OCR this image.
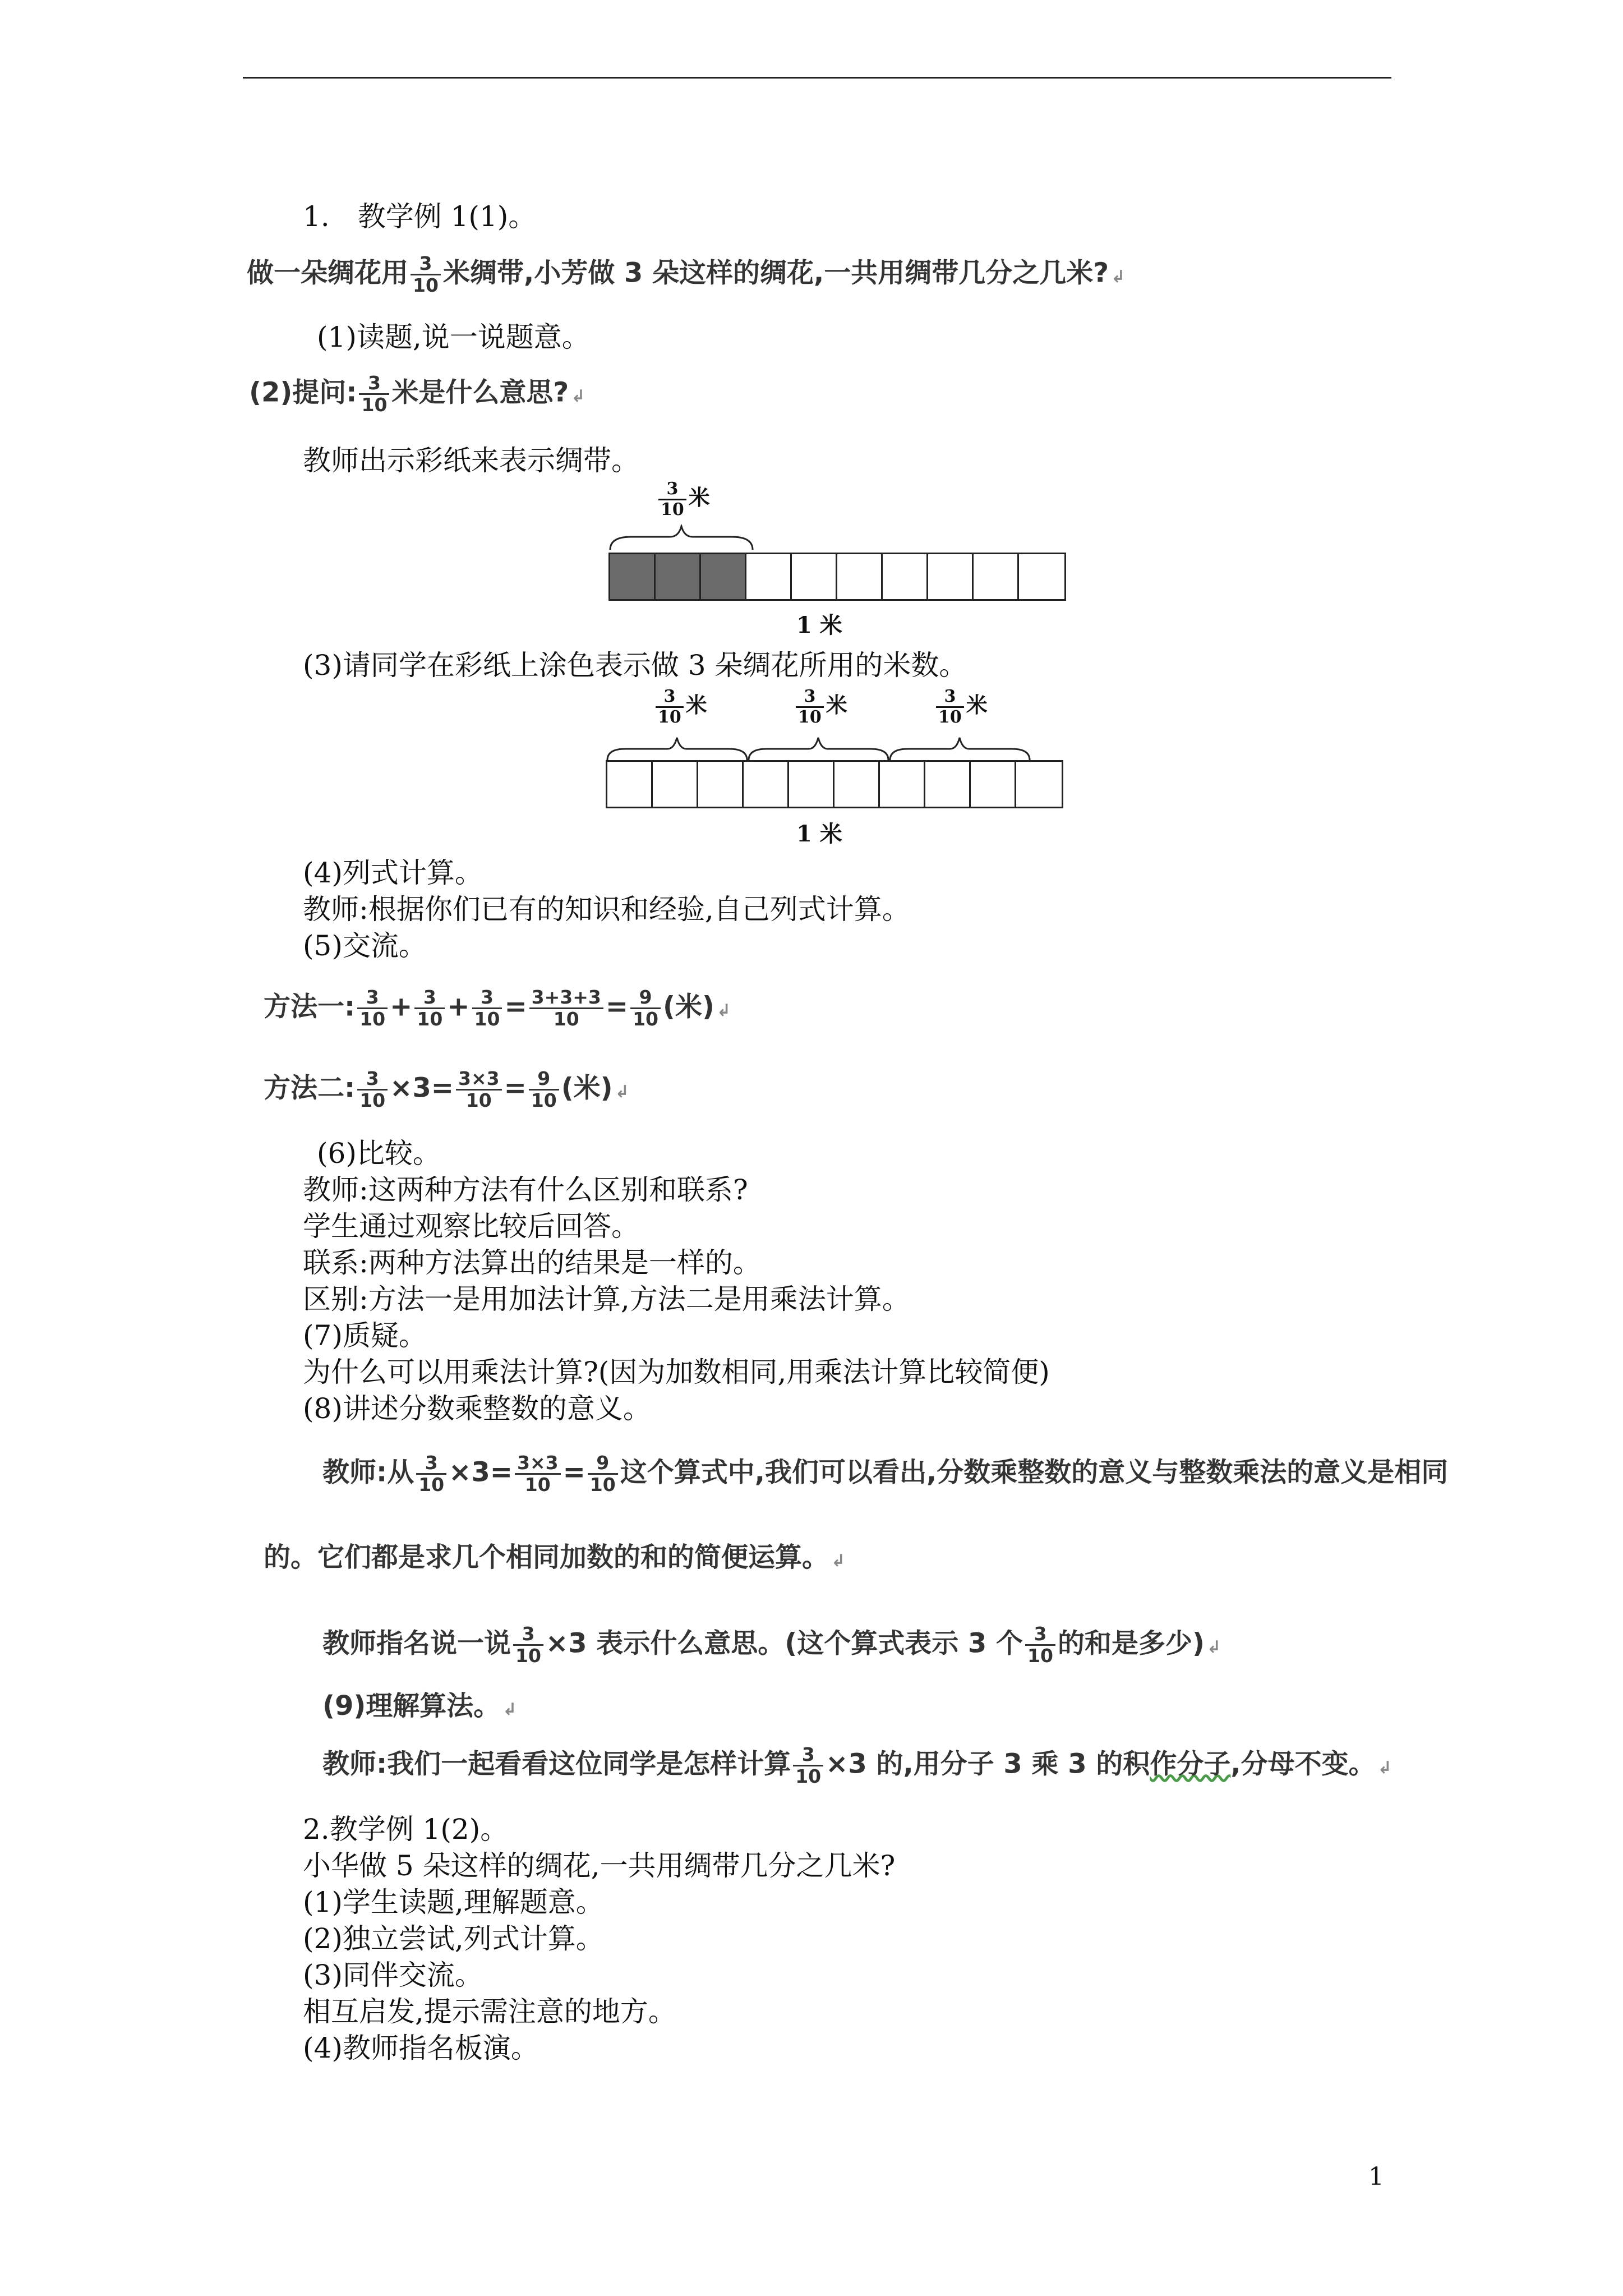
1.　教学例 1(1)。
做一朵绸花用 $\frac{3}{10}$ 米绸带,小芳做 3 朵这样的绸花,一共用绸带几分之几米? ↲
(1)读题,说一说题意。
(2)提问: $\frac{3}{10}$ 米是什么意思? ↲
教师出示彩纸来表示绸带。
$\frac{3}{10}$ 米
1 米
(3)请同学在彩纸上涂色表示做 3 朵绸花所用的米数。
$\frac{3}{10}$ 米	$\frac{3}{10}$ 米	$\frac{3}{10}$ 米
1 米
(4)列式计算。
教师:根据你们已有的知识和经验,自己列式计算。
(5)交流。
方法一: $\frac{3}{10} + \frac{3}{10} + \frac{3}{10} = \frac{3+3+3}{10} = \frac{9}{10}$ (米) ↲
方法二: $\frac{3}{10} \times 3= \frac{3\times 3}{10} = \frac{9}{10}$ (米) ↲
(6)比较。
教师:这两种方法有什么区别和联系?
学生通过观察比较后回答。
联系:两种方法算出的结果是一样的。
区别:方法一是用加法计算,方法二是用乘法计算。
(7)质疑。
为什么可以用乘法计算?(因为加数相同,用乘法计算比较简便)
(8)讲述分数乘整数的意义。
教师:从 $\frac{3}{10} \times 3= \frac{3\times 3}{10} = \frac{9}{10}$ 这个算式中,我们可以看出,分数乘整数的意义与整数乘法的意义是相同
的。它们都是求几个相同加数的和的简便运算。 ↲
教师指名说一说 $\frac{3}{10} \times 3$ 表示什么意思。(这个算式表示 3 个 $\frac{3}{10}$ 的和是多少) ↲
(9)理解算法。 ↲
教师:我们一起看看这位同学是怎样计算 $\frac{3}{10} \times 3$ 的,用分子 3 乘 3 的积作分子,分母不变。 ↲
2.教学例 1(2)。
小华做 5 朵这样的绸花,一共用绸带几分之几米?
(1)学生读题,理解题意。
(2)独立尝试,列式计算。
(3)同伴交流。
相互启发,提示需注意的地方。
(4)教师指名板演。
1
